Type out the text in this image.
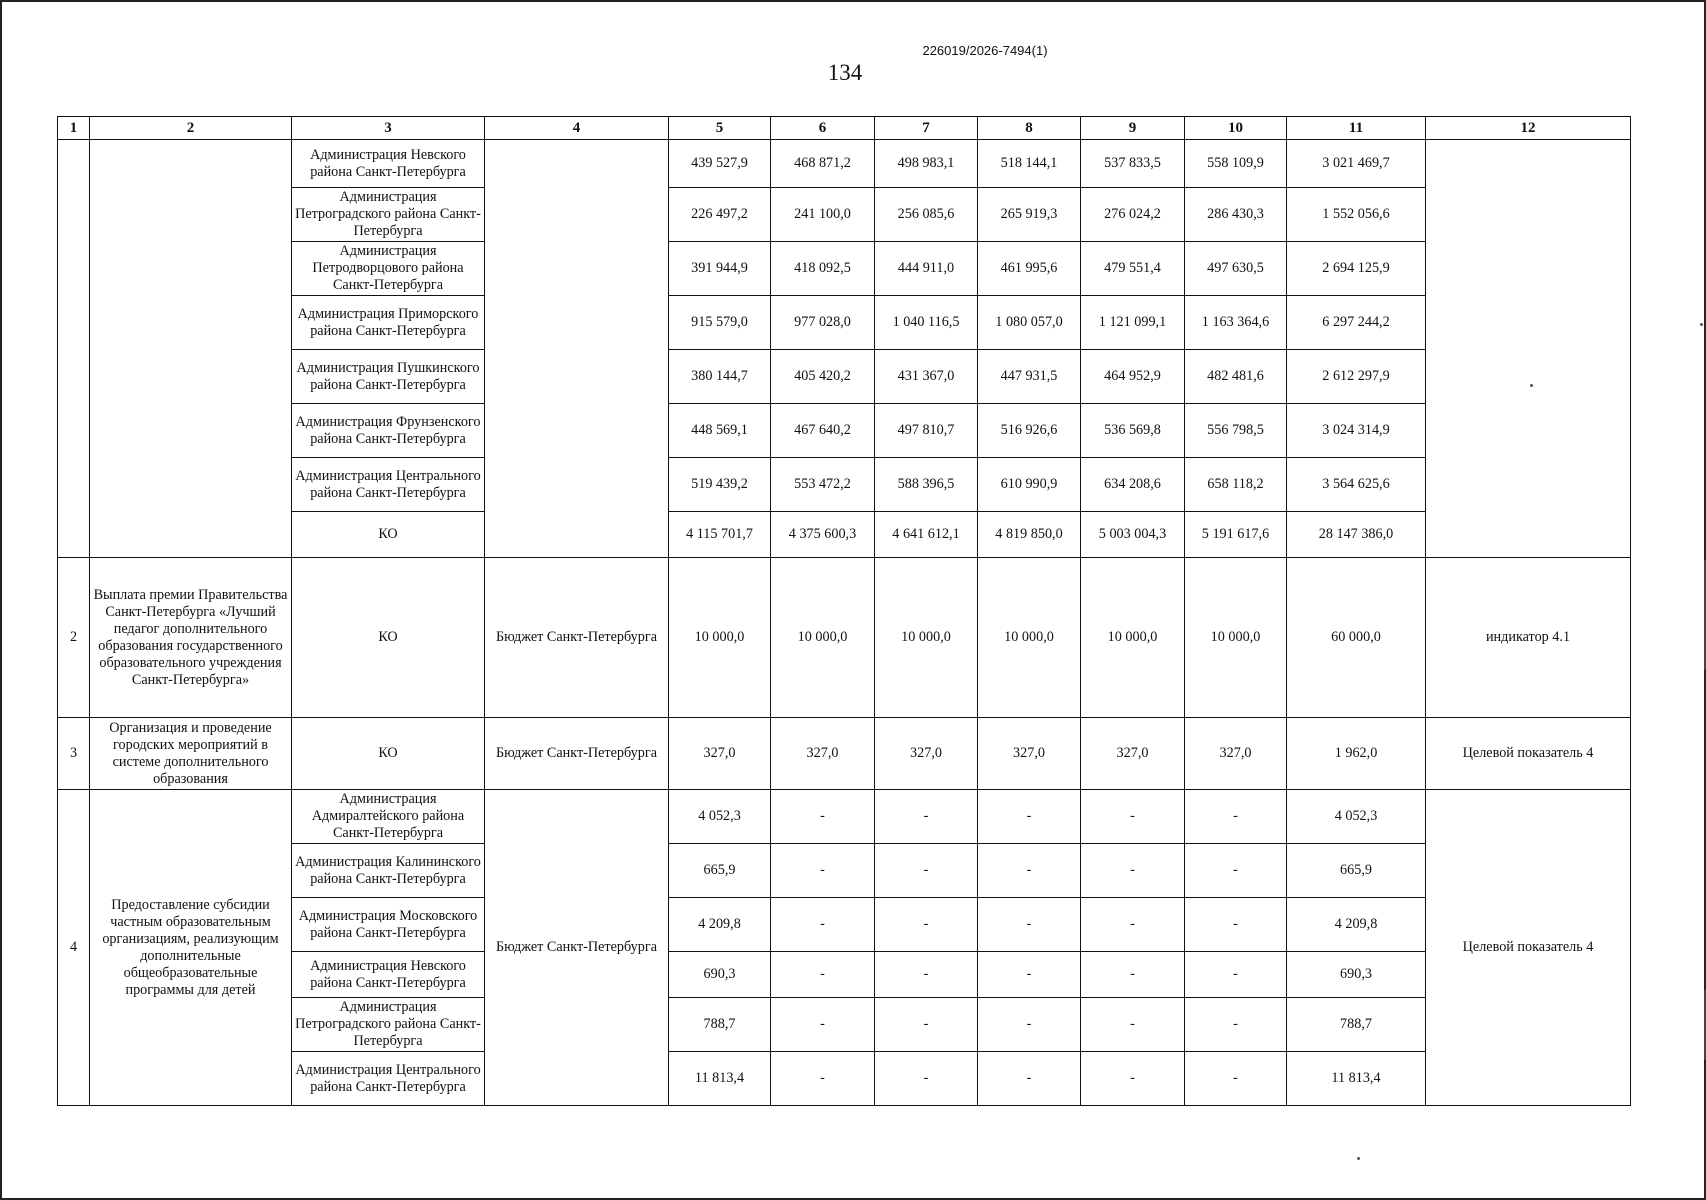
226019/2026-7494(1)
134
1	2	3	4	5	6	7	8	9	10	11	12
		Администрация Невского района Санкт-Петербурга		439 527,9	468 871,2	498 983,1	518 144,1	537 833,5	558 109,9	3 021 469,7	
		Администрация Петроградского района Санкт-Петербурга		226 497,2	241 100,0	256 085,6	265 919,3	276 024,2	286 430,3	1 552 056,6	
		Администрация Петродворцового района Санкт-Петербурга		391 944,9	418 092,5	444 911,0	461 995,6	479 551,4	497 630,5	2 694 125,9	
		Администрация Приморского района Санкт-Петербурга		915 579,0	977 028,0	1 040 116,5	1 080 057,0	1 121 099,1	1 163 364,6	6 297 244,2	
		Администрация Пушкинского района Санкт-Петербурга		380 144,7	405 420,2	431 367,0	447 931,5	464 952,9	482 481,6	2 612 297,9	
		Администрация Фрунзенского района Санкт-Петербурга		448 569,1	467 640,2	497 810,7	516 926,6	536 569,8	556 798,5	3 024 314,9	
		Администрация Центрального района Санкт-Петербурга		519 439,2	553 472,2	588 396,5	610 990,9	634 208,6	658 118,2	3 564 625,6	
		КО		4 115 701,7	4 375 600,3	4 641 612,1	4 819 850,0	5 003 004,3	5 191 617,6	28 147 386,0	
2	Выплата премии Правительства Санкт-Петербурга «Лучший педагог дополнительного образования государственного образовательного учреждения Санкт-Петербурга»	КО	Бюджет Санкт-Петербурга	10 000,0	10 000,0	10 000,0	10 000,0	10 000,0	10 000,0	60 000,0	индикатор 4.1
3	Организация и проведение городских мероприятий в системе дополнительного образования	КО	Бюджет Санкт-Петербурга	327,0	327,0	327,0	327,0	327,0	327,0	1 962,0	Целевой показатель 4
4	Предоставление субсидии частным образовательным организациям, реализующим дополнительные общеобразовательные программы для детей	Администрация Адмиралтейского района Санкт-Петербурга	Бюджет Санкт-Петербурга	4 052,3	-	-	-	-	-	4 052,3	Целевой показатель 4
		Администрация Калининского района Санкт-Петербурга		665,9	-	-	-	-	-	665,9	
		Администрация Московского района Санкт-Петербурга		4 209,8	-	-	-	-	-	4 209,8	
		Администрация Невского района Санкт-Петербурга		690,3	-	-	-	-	-	690,3	
		Администрация Петроградского района Санкт-Петербурга		788,7	-	-	-	-	-	788,7	
		Администрация Центрального района Санкт-Петербурга		11 813,4	-	-	-	-	-	11 813,4	
